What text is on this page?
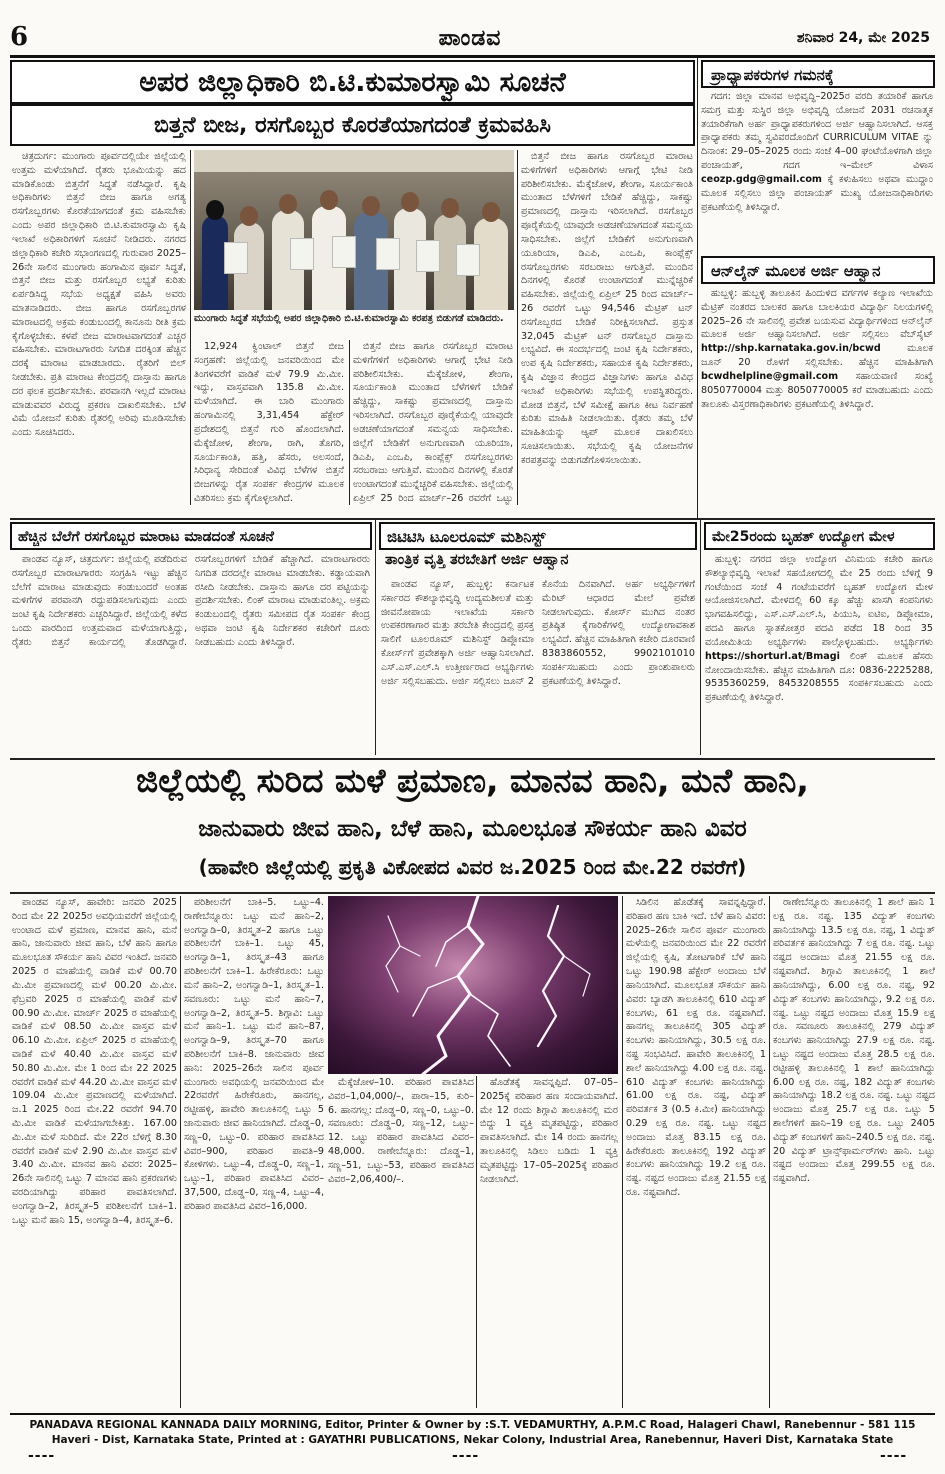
6	ಪಾಂಡವ	ಶನಿವಾರ 24, ಮೇ 2025
ಅಪರ ಜಿಲ್ಲಾಧಿಕಾರಿ ಬಿ.ಟಿ.ಕುಮಾರಸ್ವಾಮಿ ಸೂಚನೆ
ಬಿತ್ತನೆ ಬೀಜ, ರಸಗೊಬ್ಬರ ಕೊರತೆಯಾಗದಂತೆ ಕ್ರಮವಹಿಸಿ

ಚಿತ್ರದುರ್ಗ: ಮುಂಗಾರು ಪೂರ್ವದಲ್ಲಿಯೇ ಜಿಲ್ಲೆಯಲ್ಲಿ ಉತ್ತಮ ಮಳೆಯಾಗಿದೆ. ರೈತರು ಭೂಮಿಯನ್ನು ಹದ ಮಾಡಿಕೊಂಡು ಬಿತ್ತನೆಗೆ ಸಿದ್ಧತೆ ನಡೆಸಿದ್ದಾರೆ. ಕೃಷಿ ಅಧಿಕಾರಿಗಳು ಬಿತ್ತನೆ ಬೀಜ ಹಾಗೂ ಅಗತ್ಯ ರಸಗೊಬ್ಬರಗಳು ಕೊರತೆಯಾಗದಂತೆ ಕ್ರಮ ವಹಿಸಬೇಕು ಎಂದು ಅಪರ ಜಿಲ್ಲಾಧಿಕಾರಿ ಬಿ.ಟಿ.ಕುಮಾರಸ್ವಾಮಿ ಕೃಷಿ ಇಲಾಖೆ ಅಧಿಕಾರಿಗಳಿಗೆ ಸೂಚನೆ ನೀಡಿದರು. ನಗರದ ಜಿಲ್ಲಾಧಿಕಾರಿ ಕಚೇರಿ ಸಭಾಂಗಣದಲ್ಲಿ ಗುರುವಾರ 2025–26ನೇ ಸಾಲಿನ ಮುಂಗಾರು ಹಂಗಾಮಿನ ಪೂರ್ವ ಸಿದ್ಧತೆ, ಬಿತ್ತನೆ ಬೀಜ ಮತ್ತು ರಸಗೊಬ್ಬರ ಲಭ್ಯತೆ ಕುರಿತು ಏರ್ಪಡಿಸಿದ್ದ ಸಭೆಯ ಅಧ್ಯಕ್ಷತೆ ವಹಿಸಿ ಅವರು ಮಾತನಾಡಿದರು. ಬೀಜ ಹಾಗೂ ರಸಗೊಬ್ಬರಗಳ ಮಾರಾಟದಲ್ಲಿ ಅಕ್ರಮ ಕಂಡುಬಂದಲ್ಲಿ ಕಾನೂನು ರೀತಿ ಕ್ರಮ ಕೈಗೊಳ್ಳಬೇಕು. ಕಳಪೆ ಬೀಜ ಮಾರಾಟವಾಗದಂತೆ ಎಚ್ಚರ ವಹಿಸಬೇಕು. ಮಾರಾಟಗಾರರು ನಿಗದಿತ ದರಕ್ಕಿಂತ ಹೆಚ್ಚಿನ ದರಕ್ಕೆ ಮಾರಾಟ ಮಾಡಬಾರದು. ರೈತರಿಗೆ ಬಿಲ್ ನೀಡಬೇಕು. ಪ್ರತಿ ಮಾರಾಟ ಕೇಂದ್ರದಲ್ಲಿ ದಾಸ್ತಾನು ಹಾಗೂ ದರ ಫಲಕ ಪ್ರದರ್ಶಿಸಬೇಕು. ಪರವಾನಗಿ ಇಲ್ಲದೆ ಮಾರಾಟ ಮಾಡುವವರ ವಿರುದ್ಧ ಪ್ರಕರಣ ದಾಖಲಿಸಬೇಕು. ಬೆಳೆ ವಿಮೆ ಯೋಜನೆ ಕುರಿತು ರೈತರಲ್ಲಿ ಅರಿವು ಮೂಡಿಸಬೇಕು ಎಂದು ಸೂಚಿಸಿದರು.

ಮುಂಗಾರು ಸಿದ್ಧತೆ ಸಭೆಯಲ್ಲಿ ಅಪರ ಜಿಲ್ಲಾಧಿಕಾರಿ ಬಿ.ಟಿ.ಕುಮಾರಸ್ವಾಮಿ ಕರಪತ್ರ ಬಿಡುಗಡೆ ಮಾಡಿದರು.

12,924 ಕ್ವಿಂಟಾಲ್ ಬಿತ್ತನೆ ಬೀಜ ಸಂಗ್ರಹಣೆ: ಜಿಲ್ಲೆಯಲ್ಲಿ ಜನವರಿಯಿಂದ ಮೇ ತಿಂಗಳವರೆಗೆ ವಾಡಿಕೆ ಮಳೆ 79.9 ಮಿ.ಮೀ. ಇದ್ದು, ವಾಸ್ತವವಾಗಿ 135.8 ಮಿ.ಮೀ. ಮಳೆಯಾಗಿದೆ. ಈ ಬಾರಿ ಮುಂಗಾರು ಹಂಗಾಮಿನಲ್ಲಿ 3,31,454 ಹೆಕ್ಟೇರ್ ಪ್ರದೇಶದಲ್ಲಿ ಬಿತ್ತನೆ ಗುರಿ ಹೊಂದಲಾಗಿದೆ. ಮೆಕ್ಕೆಜೋಳ, ಶೇಂಗಾ, ರಾಗಿ, ತೊಗರಿ, ಸೂರ್ಯಕಾಂತಿ, ಹತ್ತಿ, ಹೆಸರು, ಅಲಸಂದೆ, ಸಿರಿಧಾನ್ಯ ಸೇರಿದಂತೆ ವಿವಿಧ ಬೆಳೆಗಳ ಬಿತ್ತನೆ ಬೀಜಗಳನ್ನು ರೈತ ಸಂಪರ್ಕ ಕೇಂದ್ರಗಳ ಮೂಲಕ ವಿತರಿಸಲು ಕ್ರಮ ಕೈಗೊಳ್ಳಲಾಗಿದೆ.

ಬಿತ್ತನೆ ಬೀಜ ಹಾಗೂ ರಸಗೊಬ್ಬರ ಮಾರಾಟ ಮಳಿಗೆಗಳಿಗೆ ಅಧಿಕಾರಿಗಳು ಆಗಾಗ್ಗೆ ಭೇಟಿ ನೀಡಿ ಪರಿಶೀಲಿಸಬೇಕು. ಮೆಕ್ಕೆಜೋಳ, ಶೇಂಗಾ, ಸೂರ್ಯಕಾಂತಿ ಮುಂತಾದ ಬೆಳೆಗಳಿಗೆ ಬೇಡಿಕೆ ಹೆಚ್ಚಿದ್ದು, ಸಾಕಷ್ಟು ಪ್ರಮಾಣದಲ್ಲಿ ದಾಸ್ತಾನು ಇರಿಸಲಾಗಿದೆ. ರಸಗೊಬ್ಬರ ಪೂರೈಕೆಯಲ್ಲಿ ಯಾವುದೇ ಅಡಚಣೆಯಾಗದಂತೆ ಸಮನ್ವಯ ಸಾಧಿಸಬೇಕು. ಜಿಲ್ಲೆಗೆ ಬೇಡಿಕೆಗೆ ಅನುಗುಣವಾಗಿ ಯೂರಿಯಾ, ಡಿಎಪಿ, ಎಂಒಪಿ, ಕಾಂಪ್ಲೆಕ್ಸ್ ರಸಗೊಬ್ಬರಗಳು ಸರಬರಾಜು ಆಗುತ್ತಿವೆ. ಮುಂದಿನ ದಿನಗಳಲ್ಲಿ ಕೊರತೆ ಉಂಟಾಗದಂತೆ ಮುನ್ನೆಚ್ಚರಿಕೆ ವಹಿಸಬೇಕು. ಜಿಲ್ಲೆಯಲ್ಲಿ ಏಪ್ರಿಲ್ 25 ರಿಂದ ಮಾರ್ಚ್–26 ರವರೆಗೆ ಒಟ್ಟು

ಬಿತ್ತನೆ ಬೀಜ ಹಾಗೂ ರಸಗೊಬ್ಬರ ಮಾರಾಟ ಮಳಿಗೆಗಳಿಗೆ ಅಧಿಕಾರಿಗಳು ಆಗಾಗ್ಗೆ ಭೇಟಿ ನೀಡಿ ಪರಿಶೀಲಿಸಬೇಕು. ಮೆಕ್ಕೆಜೋಳ, ಶೇಂಗಾ, ಸೂರ್ಯಕಾಂತಿ ಮುಂತಾದ ಬೆಳೆಗಳಿಗೆ ಬೇಡಿಕೆ ಹೆಚ್ಚಿದ್ದು, ಸಾಕಷ್ಟು ಪ್ರಮಾಣದಲ್ಲಿ ದಾಸ್ತಾನು ಇರಿಸಲಾಗಿದೆ. ರಸಗೊಬ್ಬರ ಪೂರೈಕೆಯಲ್ಲಿ ಯಾವುದೇ ಅಡಚಣೆಯಾಗದಂತೆ ಸಮನ್ವಯ ಸಾಧಿಸಬೇಕು. ಜಿಲ್ಲೆಗೆ ಬೇಡಿಕೆಗೆ ಅನುಗುಣವಾಗಿ ಯೂರಿಯಾ, ಡಿಎಪಿ, ಎಂಒಪಿ, ಕಾಂಪ್ಲೆಕ್ಸ್ ರಸಗೊಬ್ಬರಗಳು ಸರಬರಾಜು ಆಗುತ್ತಿವೆ. ಮುಂದಿನ ದಿನಗಳಲ್ಲಿ ಕೊರತೆ ಉಂಟಾಗದಂತೆ ಮುನ್ನೆಚ್ಚರಿಕೆ ವಹಿಸಬೇಕು. ಜಿಲ್ಲೆಯಲ್ಲಿ ಏಪ್ರಿಲ್ 25 ರಿಂದ ಮಾರ್ಚ್–26 ರವರೆಗೆ ಒಟ್ಟು 94,546 ಮೆಟ್ರಿಕ್ ಟನ್ ರಸಗೊಬ್ಬರದ ಬೇಡಿಕೆ ನಿರೀಕ್ಷಿಸಲಾಗಿದೆ. ಪ್ರಸ್ತುತ 32,045 ಮೆಟ್ರಿಕ್ ಟನ್ ರಸಗೊಬ್ಬರ ದಾಸ್ತಾನು ಲಭ್ಯವಿದೆ. ಈ ಸಂದರ್ಭದಲ್ಲಿ ಜಂಟಿ ಕೃಷಿ ನಿರ್ದೇಶಕರು, ಉಪ ಕೃಷಿ ನಿರ್ದೇಶಕರು, ಸಹಾಯಕ ಕೃಷಿ ನಿರ್ದೇಶಕರು, ಕೃಷಿ ವಿಜ್ಞಾನ ಕೇಂದ್ರದ ವಿಜ್ಞಾನಿಗಳು ಹಾಗೂ ವಿವಿಧ ಇಲಾಖೆ ಅಧಿಕಾರಿಗಳು ಸಭೆಯಲ್ಲಿ ಉಪಸ್ಥಿತರಿದ್ದರು. ಮೋಡ ಬಿತ್ತನೆ, ಬೆಳೆ ಸಮೀಕ್ಷೆ ಹಾಗೂ ಕೀಟ ನಿರ್ವಹಣೆ ಕುರಿತು ಮಾಹಿತಿ ನೀಡಲಾಯಿತು. ರೈತರು ತಮ್ಮ ಬೆಳೆ ಮಾಹಿತಿಯನ್ನು ಆ್ಯಪ್ ಮೂಲಕ ದಾಖಲಿಸಲು ಸೂಚಿಸಲಾಯಿತು. ಸಭೆಯಲ್ಲಿ ಕೃಷಿ ಯೋಜನೆಗಳ ಕರಪತ್ರವನ್ನು ಬಿಡುಗಡೆಗೊಳಿಸಲಾಯಿತು.

ಪ್ರಾಧ್ಯಾಪಕರುಗಳ ಗಮನಕ್ಕೆ

ಗದಗ: ಜಿಲ್ಲಾ ಮಾನವ ಅಭಿವೃದ್ಧಿ–2025ರ ವರದಿ ತಯಾರಿಕೆ ಹಾಗೂ ಸಮಗ್ರ ಮತ್ತು ಸುಸ್ಥಿರ ಜಿಲ್ಲಾ ಅಭಿವೃದ್ಧಿ ಯೋಜನೆ 2031 ರಚನಾತ್ಮಕ ತಯಾರಿಕೆಗಾಗಿ ಅರ್ಹ ಪ್ರಾಧ್ಯಾಪಕರುಗಳಿಂದ ಅರ್ಜಿ ಆಹ್ವಾನಿಸಲಾಗಿದೆ. ಆಸಕ್ತ ಪ್ರಾಧ್ಯಾಪಕರು ತಮ್ಮ ಸ್ವವಿವರದೊಂದಿಗೆ CURRICULUM VITAE ನ್ನು ದಿನಾಂಕ: 29–05–2025 ರಂದು ಸಂಜೆ 4–00 ಘಂಟೆಯೊಳಗಾಗಿ ಜಿಲ್ಲಾ ಪಂಚಾಯತ್, ಗದಗ ಇ–ಮೇಲ್ ವಿಳಾಸ ceozp.gdg@gmail.com ಕ್ಕೆ ಕಳುಹಿಸಲು ಅಥವಾ ಮುದ್ದಾಂ ಮೂಲಕ ಸಲ್ಲಿಸಲು ಜಿಲ್ಲಾ ಪಂಚಾಯತ್ ಮುಖ್ಯ ಯೋಜನಾಧಿಕಾರಿಗಳು ಪ್ರಕಟಣೆಯಲ್ಲಿ ತಿಳಿಸಿದ್ದಾರೆ.

ಆನ್‌ಲೈನ್ ಮೂಲಕ ಅರ್ಜಿ ಆಹ್ವಾನ

ಹುಬ್ಬಳ್ಳಿ: ಹುಬ್ಬಳ್ಳಿ ತಾಲೂಕಿನ ಹಿಂದುಳಿದ ವರ್ಗಗಳ ಕಲ್ಯಾಣ ಇಲಾಖೆಯ ಮೆಟ್ರಿಕ್ ನಂತರದ ಬಾಲಕರ ಹಾಗೂ ಬಾಲಕಿಯರ ವಿದ್ಯಾರ್ಥಿ ನಿಲಯಗಳಲ್ಲಿ 2025–26 ನೇ ಸಾಲಿನಲ್ಲಿ ಪ್ರವೇಶ ಬಯಸುವ ವಿದ್ಯಾರ್ಥಿಗಳಿಂದ ಆನ್‌ಲೈನ್ ಮೂಲಕ ಅರ್ಜಿ ಆಹ್ವಾನಿಸಲಾಗಿದೆ. ಅರ್ಜಿ ಸಲ್ಲಿಸಲು ವೆಬ್‌ಸೈಟ್ http://shp.karnataka.gov.in/bcwd	ಮೂಲಕ ಜೂನ್ 20 ರೊಳಗೆ ಸಲ್ಲಿಸಬೇಕು. ಹೆಚ್ಚಿನ ಮಾಹಿತಿಗಾಗಿ bcwdhelpline@gmail.com ಸಹಾಯವಾಣಿ ಸಂಖ್ಯೆ 8050770004 ಮತ್ತು 8050770005 ಕರೆ ಮಾಡಬಹುದು ಎಂದು ತಾಲೂಕು ವಿಸ್ತರಣಾಧಿಕಾರಿಗಳು ಪ್ರಕಟಣೆಯಲ್ಲಿ ತಿಳಿಸಿದ್ದಾರೆ.

ಹೆಚ್ಚಿನ ಬೆಲೆಗೆ ರಸಗೊಬ್ಬರ ಮಾರಾಟ ಮಾಡದಂತೆ ಸೂಚನೆ

ಪಾಂಡವ ನ್ಯೂಸ್, ಚಿತ್ರದುರ್ಗ: ಜಿಲ್ಲೆಯಲ್ಲಿ ಪಡೆದಿರುವ ರಸಗೊಬ್ಬರ ಮಾರಾಟಗಾರರು ಸಂಗ್ರಹಿಸಿ ಇಟ್ಟು ಹೆಚ್ಚಿನ ಬೆಲೆಗೆ ಮಾರಾಟ ಮಾಡುವುದು ಕಂಡುಬಂದರೆ ಅಂತಹ ಮಳಿಗೆಗಳ ಪರವಾನಗಿ ರದ್ದುಪಡಿಸಲಾಗುವುದು ಎಂದು ಜಂಟಿ ಕೃಷಿ ನಿರ್ದೇಶಕರು ಎಚ್ಚರಿಸಿದ್ದಾರೆ. ಜಿಲ್ಲೆಯಲ್ಲಿ ಕಳೆದ ಒಂದು ವಾರದಿಂದ ಉತ್ತಮವಾದ ಮಳೆಯಾಗುತ್ತಿದ್ದು, ರೈತರು ಬಿತ್ತನೆ ಕಾರ್ಯದಲ್ಲಿ ತೊಡಗಿದ್ದಾರೆ. ರಸಗೊಬ್ಬರಗಳಿಗೆ ಬೇಡಿಕೆ ಹೆಚ್ಚಾಗಿದೆ. ಮಾರಾಟಗಾರರು ನಿಗದಿತ ದರದಲ್ಲೇ ಮಾರಾಟ ಮಾಡಬೇಕು. ಕಡ್ಡಾಯವಾಗಿ ರಸೀದಿ ನೀಡಬೇಕು. ದಾಸ್ತಾನು ಹಾಗೂ ದರ ಪಟ್ಟಿಯನ್ನು ಪ್ರದರ್ಶಿಸಬೇಕು. ಲಿಂಕ್ ಮಾರಾಟ ಮಾಡುವಂತಿಲ್ಲ. ಅಕ್ರಮ ಕಂಡುಬಂದಲ್ಲಿ ರೈತರು ಸಮೀಪದ ರೈತ ಸಂಪರ್ಕ ಕೇಂದ್ರ ಅಥವಾ ಜಂಟಿ ಕೃಷಿ ನಿರ್ದೇಶಕರ ಕಚೇರಿಗೆ ದೂರು ನೀಡಬಹುದು ಎಂದು ತಿಳಿಸಿದ್ದಾರೆ.

ಜಿಟಿಟಿಸಿ ಟೂಲರೂಮ್ ಮಶಿನಿಸ್ಟ್
ತಾಂತ್ರಿಕ ವೃತ್ತಿ ತರಬೇತಿಗೆ ಅರ್ಜಿ ಆಹ್ವಾನ

ಪಾಂಡವ ನ್ಯೂಸ್, ಹುಬ್ಬಳ್ಳಿ: ಕರ್ನಾಟಕ ಸರ್ಕಾರದ ಕೌಶಲ್ಯಾಭಿವೃದ್ಧಿ ಉದ್ಯಮಶೀಲತೆ ಮತ್ತು ಜೀವನೋಪಾಯ ಇಲಾಖೆಯ ಸರ್ಕಾರಿ ಉಪಕರಣಾಗಾರ ಮತ್ತು ತರಬೇತಿ ಕೇಂದ್ರದಲ್ಲಿ ಪ್ರಸಕ್ತ ಸಾಲಿಗೆ ಟೂಲರೂಮ್ ಮಶಿನಿಸ್ಟ್ ಡಿಪ್ಲೋಮಾ ಕೋರ್ಸ್‌ಗೆ ಪ್ರವೇಶಕ್ಕಾಗಿ ಅರ್ಜಿ ಆಹ್ವಾನಿಸಲಾಗಿದೆ. ಎಸ್.ಎಸ್.ಎಲ್.ಸಿ ಉತ್ತೀರ್ಣರಾದ ಅಭ್ಯರ್ಥಿಗಳು ಅರ್ಜಿ ಸಲ್ಲಿಸಬಹುದು. ಅರ್ಜಿ ಸಲ್ಲಿಸಲು ಜೂನ್ 2 ಕೊನೆಯ ದಿನವಾಗಿದೆ. ಅರ್ಹ ಅಭ್ಯರ್ಥಿಗಳಿಗೆ ಮೆರಿಟ್ ಆಧಾರದ ಮೇಲೆ ಪ್ರವೇಶ ನೀಡಲಾಗುವುದು. ಕೋರ್ಸ್ ಮುಗಿದ ನಂತರ ಪ್ರತಿಷ್ಠಿತ ಕೈಗಾರಿಕೆಗಳಲ್ಲಿ ಉದ್ಯೋಗಾವಕಾಶ ಲಭ್ಯವಿದೆ. ಹೆಚ್ಚಿನ ಮಾಹಿತಿಗಾಗಿ ಕಚೇರಿ ದೂರವಾಣಿ 8383860552, 9902101010 ಸಂಪರ್ಕಿಸಬಹುದು ಎಂದು ಪ್ರಾಂಶುಪಾಲರು ಪ್ರಕಟಣೆಯಲ್ಲಿ ತಿಳಿಸಿದ್ದಾರೆ.

ಮೇ25ರಂದು ಬೃಹತ್ ಉದ್ಯೋಗ ಮೇಳ

ಹುಬ್ಬಳ್ಳಿ: ನಗರದ ಜಿಲ್ಲಾ ಉದ್ಯೋಗ ವಿನಿಮಯ ಕಚೇರಿ ಹಾಗೂ ಕೌಶಲ್ಯಾಭಿವೃದ್ಧಿ ಇಲಾಖೆ ಸಹಯೋಗದಲ್ಲಿ ಮೇ 25 ರಂದು ಬೆಳಿಗ್ಗೆ 9 ಗಂಟೆಯಿಂದ ಸಂಜೆ 4 ಗಂಟೆಯವರೆಗೆ ಬೃಹತ್ ಉದ್ಯೋಗ ಮೇಳ ಆಯೋಜಿಸಲಾಗಿದೆ. ಮೇಳದಲ್ಲಿ 60 ಕ್ಕೂ ಹೆಚ್ಚು ಖಾಸಗಿ ಕಂಪನಿಗಳು ಭಾಗವಹಿಸಲಿದ್ದು, ಎಸ್.ಎಸ್.ಎಲ್.ಸಿ, ಪಿಯುಸಿ, ಐಟಿಐ, ಡಿಪ್ಲೋಮಾ, ಪದವಿ ಹಾಗೂ ಸ್ನಾತಕೋತ್ತರ ಪದವಿ ಪಡೆದ 18 ರಿಂದ 35 ವಯೋಮಿತಿಯ ಅಭ್ಯರ್ಥಿಗಳು ಪಾಲ್ಗೊಳ್ಳಬಹುದು. ಅಭ್ಯರ್ಥಿಗಳು https://shorturl.at/Bmagi ಲಿಂಕ್ ಮೂಲಕ ಹೆಸರು ನೋಂದಾಯಿಸಬೇಕು. ಹೆಚ್ಚಿನ ಮಾಹಿತಿಗಾಗಿ ದೂ: 0836-2225288, 9535360259, 8453208555 ಸಂಪರ್ಕಿಸಬಹುದು ಎಂದು ಪ್ರಕಟಣೆಯಲ್ಲಿ ತಿಳಿಸಿದ್ದಾರೆ.

ಜಿಲ್ಲೆಯಲ್ಲಿ ಸುರಿದ ಮಳೆ ಪ್ರಮಾಣ, ಮಾನವ ಹಾನಿ, ಮನೆ ಹಾನಿ,
ಜಾನುವಾರು ಜೀವ ಹಾನಿ, ಬೆಳೆ ಹಾನಿ, ಮೂಲಭೂತ ಸೌಕರ್ಯ ಹಾನಿ ವಿವರ
(ಹಾವೇರಿ ಜಿಲ್ಲೆಯಲ್ಲಿ ಪ್ರಕೃತಿ ವಿಕೋಪದ ವಿವರ ಜ.2025 ರಿಂದ ಮೇ.22 ರವರೆಗೆ)

ಪಾಂಡವ ನ್ಯೂಸ್, ಹಾವೇರಿ: ಜನವರಿ 2025 ರಿಂದ ಮೇ 22 2025ರ ಅವಧಿಯವರೆಗೆ ಜಿಲ್ಲೆಯಲ್ಲಿ ಉಂಟಾದ ಮಳೆ ಪ್ರಮಾಣ, ಮಾನವ ಹಾನಿ, ಮನೆ ಹಾನಿ, ಜಾನುವಾರು ಜೀವ ಹಾನಿ, ಬೆಳೆ ಹಾನಿ ಹಾಗೂ ಮೂಲಭೂತ ಸೌಕರ್ಯ ಹಾನಿ ವಿವರ ಇಂತಿದೆ. ಜನವರಿ 2025 ರ ಮಾಹೆಯಲ್ಲಿ ವಾಡಿಕೆ ಮಳೆ 00.70 ಮಿ.ಮೀ ಪ್ರಮಾಣದಲ್ಲಿ ಮಳೆ 00.20 ಮಿ.ಮೀ. ಫೆಬ್ರವರಿ 2025 ರ ಮಾಹೆಯಲ್ಲಿ ವಾಡಿಕೆ ಮಳೆ 00.90 ಮಿ.ಮೀ. ಮಾರ್ಚ್ 2025 ರ ಮಾಹೆಯಲ್ಲಿ ವಾಡಿಕೆ ಮಳೆ 08.50 ಮಿ.ಮೀ ವಾಸ್ತವ ಮಳೆ 06.10 ಮಿ.ಮೀ. ಏಪ್ರಿಲ್ 2025 ರ ಮಾಹೆಯಲ್ಲಿ ವಾಡಿಕೆ ಮಳೆ 40.40 ಮಿ.ಮೀ ವಾಸ್ತವ ಮಳೆ 50.80 ಮಿ.ಮೀ. ಮೇ 1 ರಿಂದ ಮೇ 22 2025 ರವರೆಗೆ ವಾಡಿಕೆ ಮಳೆ 44.20 ಮಿ.ಮೀ ವಾಸ್ತವ ಮಳೆ 109.04 ಮಿ.ಮೀ ಪ್ರಮಾಣದಲ್ಲಿ ಮಳೆಯಾಗಿದೆ. ಜ.1 2025 ರಿಂದ ಮೇ.22 ರವರೆಗೆ 94.70 ಮಿ.ಮೀ ವಾಡಿಕೆ ಮಳೆಯಾಗಬೇಕಿತ್ತು. 167.00 ಮಿ.ಮೀ ಮಳೆ ಸುರಿದಿದೆ. ಮೇ 22ರ ಬೆಳಿಗ್ಗೆ 8.30 ರವರೆಗೆ ವಾಡಿಕೆ ಮಳೆ 2.90 ಮಿ.ಮೀ ವಾಸ್ತವ ಮಳೆ 3.40 ಮಿ.ಮೀ. ಮಾನವ ಹಾನಿ ವಿವರ: 2025–26ನೇ ಸಾಲಿನಲ್ಲಿ ಒಟ್ಟು 7 ಮಾನವ ಹಾನಿ ಪ್ರಕರಣಗಳು ವರದಿಯಾಗಿದ್ದು ಪರಿಹಾರ ಪಾವತಿಸಲಾಗಿದೆ. ಅಂಗನ್ವಾಡಿ–2, ತಿರಸ್ಕೃತ–5 ಪರಿಶೀಲನೆಗೆ ಬಾಕಿ–1. ಒಟ್ಟು ಮನೆ ಹಾನಿ 15, ಅಂಗನ್ವಾಡಿ–4, ತಿರಸ್ಕೃತ–6.

ಪರಿಶೀಲನೆಗೆ ಬಾಕಿ–5. ಒಟ್ಟು–4. ರಾಣೇಬೆನ್ನೂರು: ಒಟ್ಟು ಮನೆ ಹಾನಿ–2, ಅಂಗನ್ವಾಡಿ–0, ತಿರಸ್ಕೃತ–2 ಹಾಗೂ ಒಟ್ಟು ಪರಿಶೀಲನೆಗೆ ಬಾಕಿ–1. ಒಟ್ಟು 45, ಅಂಗನ್ವಾಡಿ–1, ತಿರಸ್ಕೃತ–43 ಹಾಗೂ ಪರಿಶೀಲನೆಗೆ ಬಾಕಿ–1. ಹಿರೇಕೆರೂರು: ಒಟ್ಟು ಮನೆ ಹಾನಿ–2, ಅಂಗನ್ವಾಡಿ–1, ತಿರಸ್ಕೃತ–1. ಸವಣೂರು: ಒಟ್ಟು ಮನೆ ಹಾನಿ–7, ಅಂಗನ್ವಾಡಿ–2, ತಿರಸ್ಕೃತ–5. ಶಿಗ್ಗಾವಿ: ಒಟ್ಟು ಮನೆ ಹಾನಿ–1. ಒಟ್ಟು ಮನೆ ಹಾನಿ–87, ಅಂಗನ್ವಾಡಿ–9, ತಿರಸ್ಕೃತ–70 ಹಾಗೂ ಪರಿಶೀಲನೆಗೆ ಬಾಕಿ–8. ಜಾನುವಾರು ಜೀವ ಹಾನಿ: 2025–26ನೇ ಸಾಲಿನ ಪೂರ್ವ ಮುಂಗಾರು ಅವಧಿಯಲ್ಲಿ ಜನವರಿಯಿಂದ ಮೇ 22ರವರೆಗೆ ಹಿರೇಕೆರೂರು, ಹಾನಗಲ್ಲ, ರಟ್ಟೀಹಳ್ಳಿ, ಹಾವೇರಿ ತಾಲೂಕಿನಲ್ಲಿ ಒಟ್ಟು 5 ಜಾನುವಾರು ಜೀವ ಹಾನಿಯಾಗಿದೆ. ದೊಡ್ಡ–0, ಸಣ್ಣ–0, ಒಟ್ಟು–0. ಪರಿಹಾರ ಪಾವತಿಸಿದ ವಿವರ–900, ಪರಿಹಾರ ಪಾವತಿ–9 ಕೋಳಿಗಳು. ಒಟ್ಟು–4, ದೊಡ್ಡ–0, ಸಣ್ಣ–1, ಒಟ್ಟು–1, ಪರಿಹಾರ ಪಾವತಿಸಿದ ವಿವರ–37,500, ದೊಡ್ಡ–0, ಸಣ್ಣ–4, ಒಟ್ಟು–4, ಪರಿಹಾರ ಪಾವತಿಸಿದ ವಿವರ–16,000.

ಮೆಕ್ಕೆಜೋಳ–10. ಪರಿಹಾರ ಪಾವತಿಸಿದ ವಿವರ–1,04,000/–, ಪಾರಾ–15, ಕುರಿ–6. ಹಾನಗಲ್ಲ: ದೊಡ್ಡ–0, ಸಣ್ಣ–0, ಒಟ್ಟು–0. ಸವಣೂರು: ದೊಡ್ಡ–0, ಸಣ್ಣ–12, ಒಟ್ಟು–12. ಒಟ್ಟು ಪರಿಹಾರ ಪಾವತಿಸಿದ ವಿವರ–48,000. ರಾಣೇಬೆನ್ನೂರು: ದೊಡ್ಡ–1, ಸಣ್ಣ–51, ಒಟ್ಟು–53, ಪರಿಹಾರ ಪಾವತಿಸಿದ ವಿವರ–2,06,400/–.

ಹೊಡೆತಕ್ಕೆ ಸಾವನ್ನಪ್ಪಿದೆ. 07–05–2025ಕ್ಕೆ ಪರಿಹಾರ ಹಣ ಸಂದಾಯವಾಗಿದೆ. ಮೇ 12 ರಂದು ಶಿಗ್ಗಾವಿ ತಾಲೂಕಿನಲ್ಲಿ ಮರ ಬಿದ್ದು 1 ವ್ಯಕ್ತಿ ಮೃತಪಟ್ಟಿದ್ದು, ಪರಿಹಾರ ಪಾವತಿಸಲಾಗಿದೆ. ಮೇ 14 ರಂದು ಹಾನಗಲ್ಲ ತಾಲೂಕಿನಲ್ಲಿ ಸಿಡಿಲು ಬಡಿದು 1 ವ್ಯಕ್ತಿ ಮೃತಪಟ್ಟಿದ್ದು 17–05–2025ಕ್ಕೆ ಪರಿಹಾರ ನೀಡಲಾಗಿದೆ.

ಸಿಡಿಲಿನ ಹೊಡೆತಕ್ಕೆ ಸಾವನ್ನಪ್ಪಿದ್ದಾರೆ. ಪರಿಹಾರ ಹಣ ಬಾಕಿ ಇದೆ. ಬೆಳೆ ಹಾನಿ ವಿವರ: 2025–26ನೇ ಸಾಲಿನ ಪೂರ್ವ ಮುಂಗಾರು ಮಳೆಯಲ್ಲಿ ಜನವರಿಯಿಂದ ಮೇ 22 ರವರೆಗೆ ಜಿಲ್ಲೆಯಲ್ಲಿ ಕೃಷಿ, ತೋಟಗಾರಿಕೆ ಬೆಳೆ ಹಾನಿ ಒಟ್ಟು 190.98 ಹೆಕ್ಟೇರ್ ಅಂದಾಜು ಬೆಳೆ ಹಾನಿಯಾಗಿದೆ. ಮೂಲಭೂತ ಸೌಕರ್ಯ ಹಾನಿ ವಿವರ: ಬ್ಯಾಡಗಿ ತಾಲೂಕಿನಲ್ಲಿ 610 ವಿದ್ಯುತ್ ಕಂಬಗಳು, 61 ಲಕ್ಷ ರೂ. ನಷ್ಟವಾಗಿದೆ. ಹಾನಗಲ್ಲ ತಾಲೂಕಿನಲ್ಲಿ 305 ವಿದ್ಯುತ್ ಕಂಬಗಳು ಹಾನಿಯಾಗಿದ್ದು, 30.5 ಲಕ್ಷ ರೂ. ನಷ್ಟ ಸಂಭವಿಸಿದೆ. ಹಾವೇರಿ ತಾಲೂಕಿನಲ್ಲಿ 1 ಶಾಲೆ ಹಾನಿಯಾಗಿದ್ದು 4.00 ಲಕ್ಷ ರೂ. ನಷ್ಟ. 610 ವಿದ್ಯುತ್ ಕಂಬಗಳು ಹಾನಿಯಾಗಿದ್ದು 61.00 ಲಕ್ಷ ರೂ. ನಷ್ಟ, ವಿದ್ಯುತ್ ಪರಿವರ್ತಕ 3 (0.5 ಕಿ.ಮೀ) ಹಾನಿಯಾಗಿದ್ದು 0.29 ಲಕ್ಷ ರೂ. ನಷ್ಟ. ಒಟ್ಟು ನಷ್ಟದ ಅಂದಾಜು ಮೊತ್ತ 83.15 ಲಕ್ಷ ರೂ. ಹಿರೇಕೆರೂರು ತಾಲೂಕಿನಲ್ಲಿ 192 ವಿದ್ಯುತ್ ಕಂಬಗಳು ಹಾನಿಯಾಗಿದ್ದು 19.2 ಲಕ್ಷ ರೂ. ನಷ್ಟ. ನಷ್ಟದ ಅಂದಾಜು ಮೊತ್ತ 21.55 ಲಕ್ಷ ರೂ. ನಷ್ಟವಾಗಿದೆ.

ರಾಣೇಬೆನ್ನೂರು ತಾಲೂಕಿನಲ್ಲಿ 1 ಶಾಲೆ ಹಾನಿ 1 ಲಕ್ಷ ರೂ. ನಷ್ಟ. 135 ವಿದ್ಯುತ್ ಕಂಬಗಳು ಹಾನಿಯಾಗಿದ್ದು 13.5 ಲಕ್ಷ ರೂ. ನಷ್ಟ, 1 ವಿದ್ಯುತ್ ಪರಿವರ್ತಕ ಹಾನಿಯಾಗಿದ್ದು 7 ಲಕ್ಷ ರೂ. ನಷ್ಟ. ಒಟ್ಟು ನಷ್ಟದ ಅಂದಾಜು ಮೊತ್ತ 21.55 ಲಕ್ಷ ರೂ. ನಷ್ಟವಾಗಿದೆ. ಶಿಗ್ಗಾವಿ ತಾಲೂಕಿನಲ್ಲಿ 1 ಶಾಲೆ ಹಾನಿಯಾಗಿದ್ದು, 6.00 ಲಕ್ಷ ರೂ. ನಷ್ಟ, 92 ವಿದ್ಯುತ್ ಕಂಬಗಳು ಹಾನಿಯಾಗಿದ್ದು, 9.2 ಲಕ್ಷ ರೂ. ನಷ್ಟ. ಒಟ್ಟು ನಷ್ಟದ ಅಂದಾಜು ಮೊತ್ತ 15.9 ಲಕ್ಷ ರೂ. ಸವಣೂರು ತಾಲೂಕಿನಲ್ಲಿ 279 ವಿದ್ಯುತ್ ಕಂಬಗಳು ಹಾನಿಯಾಗಿದ್ದು 27.9 ಲಕ್ಷ ರೂ. ನಷ್ಟ. ಒಟ್ಟು ನಷ್ಟದ ಅಂದಾಜು ಮೊತ್ತ 28.5 ಲಕ್ಷ ರೂ. ರಟ್ಟೀಹಳ್ಳಿ ತಾಲೂಕಿನಲ್ಲಿ 1 ಶಾಲೆ ಹಾನಿಯಾಗಿದ್ದು 6.00 ಲಕ್ಷ ರೂ. ನಷ್ಟ, 182 ವಿದ್ಯುತ್ ಕಂಬಗಳು ಹಾನಿಯಾಗಿದ್ದು 18.2 ಲಕ್ಷ ರೂ. ನಷ್ಟ. ಒಟ್ಟು ನಷ್ಟದ ಅಂದಾಜು ಮೊತ್ತ 25.7 ಲಕ್ಷ ರೂ. ಒಟ್ಟು 5 ಶಾಲೆಗಳಿಗೆ ಹಾನಿ–19 ಲಕ್ಷ ರೂ. ಒಟ್ಟು 2405 ವಿದ್ಯುತ್ ಕಂಬಗಳಿಗೆ ಹಾನಿ–240.5 ಲಕ್ಷ ರೂ. ನಷ್ಟ. 20 ವಿದ್ಯುತ್ ಟ್ರಾನ್ಸ್‌ಫಾರ್ಮರ್‌ಗಳು ಹಾನಿ. ಒಟ್ಟು ನಷ್ಟದ ಅಂದಾಜು ಮೊತ್ತ 299.55 ಲಕ್ಷ ರೂ. ನಷ್ಟವಾಗಿದೆ.

PANADAVA REGIONAL KANNADA DAILY MORNING, Editor, Printer & Owner by :S.T. VEDAMURTHY, A.P.M.C Road, Halageri Chawl, Ranebennur - 581 115
Haveri - Dist, Karnataka State, Printed at : GAYATHRI PUBLICATIONS, Nekar Colony, Industrial Area, Ranebennur, Haveri Dist, Karnataka State
----	----	----
